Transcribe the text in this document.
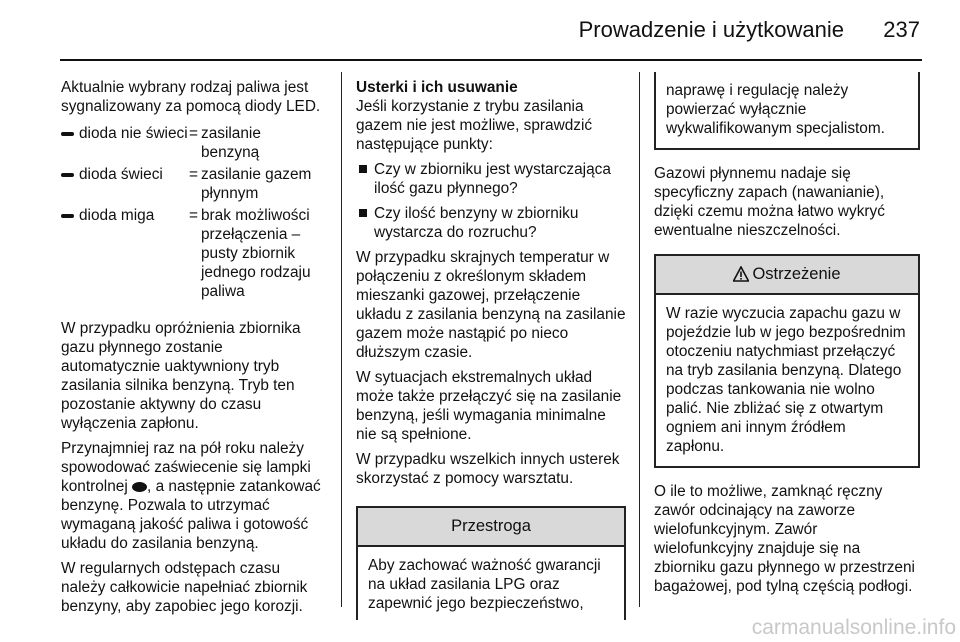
Prowadzenie i użytkowanie 237

Aktualnie wybrany rodzaj paliwa jest sygnalizowany za pomocą diody LED.

dioda nie świeci = zasilanie benzyną
dioda świeci	= zasilanie gazem płynnym
dioda miga	= brak możliwości przełączenia – pusty zbiornik jednego rodzaju paliwa

W przypadku opróżnienia zbiornika gazu płynnego zostanie automatycznie uaktywniony tryb zasilania silnika benzyną. Tryb ten pozostanie aktywny do czasu wyłączenia zapłonu.

Przynajmniej raz na pół roku należy spowodować zaświecenie się lampki kontrolnej , a następnie zatankować benzynę. Pozwala to utrzymać wymaganą jakość paliwa i gotowość układu do zasilania benzyną.

W regularnych odstępach czasu należy całkowicie napełniać zbiornik benzyny, aby zapobiec jego korozji.

Usterki i ich usuwanie

Jeśli korzystanie z trybu zasilania gazem nie jest możliwe, sprawdzić następujące punkty:

Czy w zbiorniku jest wystarczająca ilość gazu płynnego?
Czy ilość benzyny w zbiorniku wystarcza do rozruchu?

W przypadku skrajnych temperatur w połączeniu z określonym składem mieszanki gazowej, przełączenie układu z zasilania benzyną na zasilanie gazem może nastąpić po nieco dłuższym czasie.

W sytuacjach ekstremalnych układ może także przełączyć się na zasilanie benzyną, jeśli wymagania minimalne nie są spełnione.

W przypadku wszelkich innych usterek skorzystać z pomocy warsztatu.

Przestroga
Aby zachować ważność gwarancji na układ zasilania LPG oraz zapewnić jego bezpieczeństwo,
naprawę i regulację należy powierzać wyłącznie wykwalifikowanym specjalistom.

Gazowi płynnemu nadaje się specyficzny zapach (nawanianie), dzięki czemu można łatwo wykryć ewentualne nieszczelności.

Ostrzeżenie
W razie wyczucia zapachu gazu w pojeździe lub w jego bezpośrednim otoczeniu natychmiast przełączyć na tryb zasilania benzyną. Dlatego podczas tankowania nie wolno palić. Nie zbliżać się z otwartym ogniem ani innym źródłem zapłonu.

O ile to możliwe, zamknąć ręczny zawór odcinający na zaworze wielofunkcyjnym. Zawór wielofunkcyjny znajduje się na zbiorniku gazu płynnego w przestrzeni bagażowej, pod tylną częścią podłogi.

carmanualsonline.info
